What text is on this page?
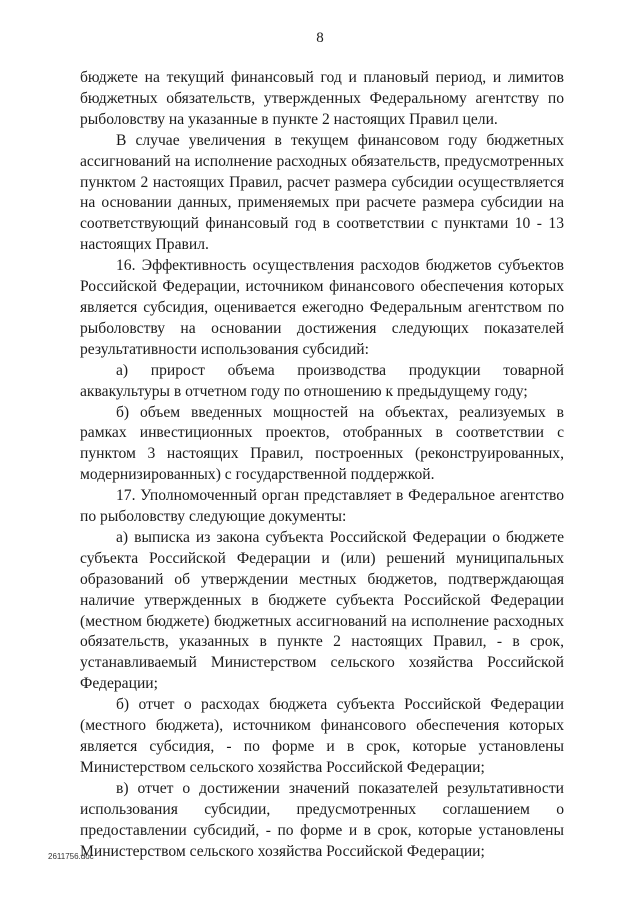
8

бюджете на текущий финансовый год и плановый период, и лимитов бюджетных обязательств, утвержденных Федеральному агентству по рыболовству на указанные в пункте 2 настоящих Правил цели.

В случае увеличения в текущем финансовом году бюджетных ассигнований на исполнение расходных обязательств, предусмотренных пунктом 2 настоящих Правил, расчет размера субсидии осуществляется на основании данных, применяемых при расчете размера субсидии на соответствующий финансовый год в соответствии с пунктами 10 - 13 настоящих Правил.

16. Эффективность осуществления расходов бюджетов субъектов Российской Федерации, источником финансового обеспечения которых является субсидия, оценивается ежегодно Федеральным агентством по рыболовству на основании достижения следующих показателей результативности использования субсидий:

а) прирост объема производства продукции товарной аквакультуры в отчетном году по отношению к предыдущему году;

б) объем введенных мощностей на объектах, реализуемых в рамках инвестиционных проектов, отобранных в соответствии с пунктом 3 настоящих Правил, построенных (реконструированных, модернизированных) с государственной поддержкой.

17. Уполномоченный орган представляет в Федеральное агентство по рыболовству следующие документы:

а) выписка из закона субъекта Российской Федерации о бюджете субъекта Российской Федерации и (или) решений муниципальных образований об утверждении местных бюджетов, подтверждающая наличие утвержденных в бюджете субъекта Российской Федерации (местном бюджете) бюджетных ассигнований на исполнение расходных обязательств, указанных в пункте 2 настоящих Правил, - в срок, устанавливаемый Министерством сельского хозяйства Российской Федерации;

б) отчет о расходах бюджета субъекта Российской Федерации (местного бюджета), источником финансового обеспечения которых является субсидия, - по форме и в срок, которые установлены Министерством сельского хозяйства Российской Федерации;

в) отчет о достижении значений показателей результативности использования субсидии, предусмотренных соглашением о предоставлении субсидий, - по форме и в срок, которые установлены Министерством сельского хозяйства Российской Федерации;

2611756.doc
